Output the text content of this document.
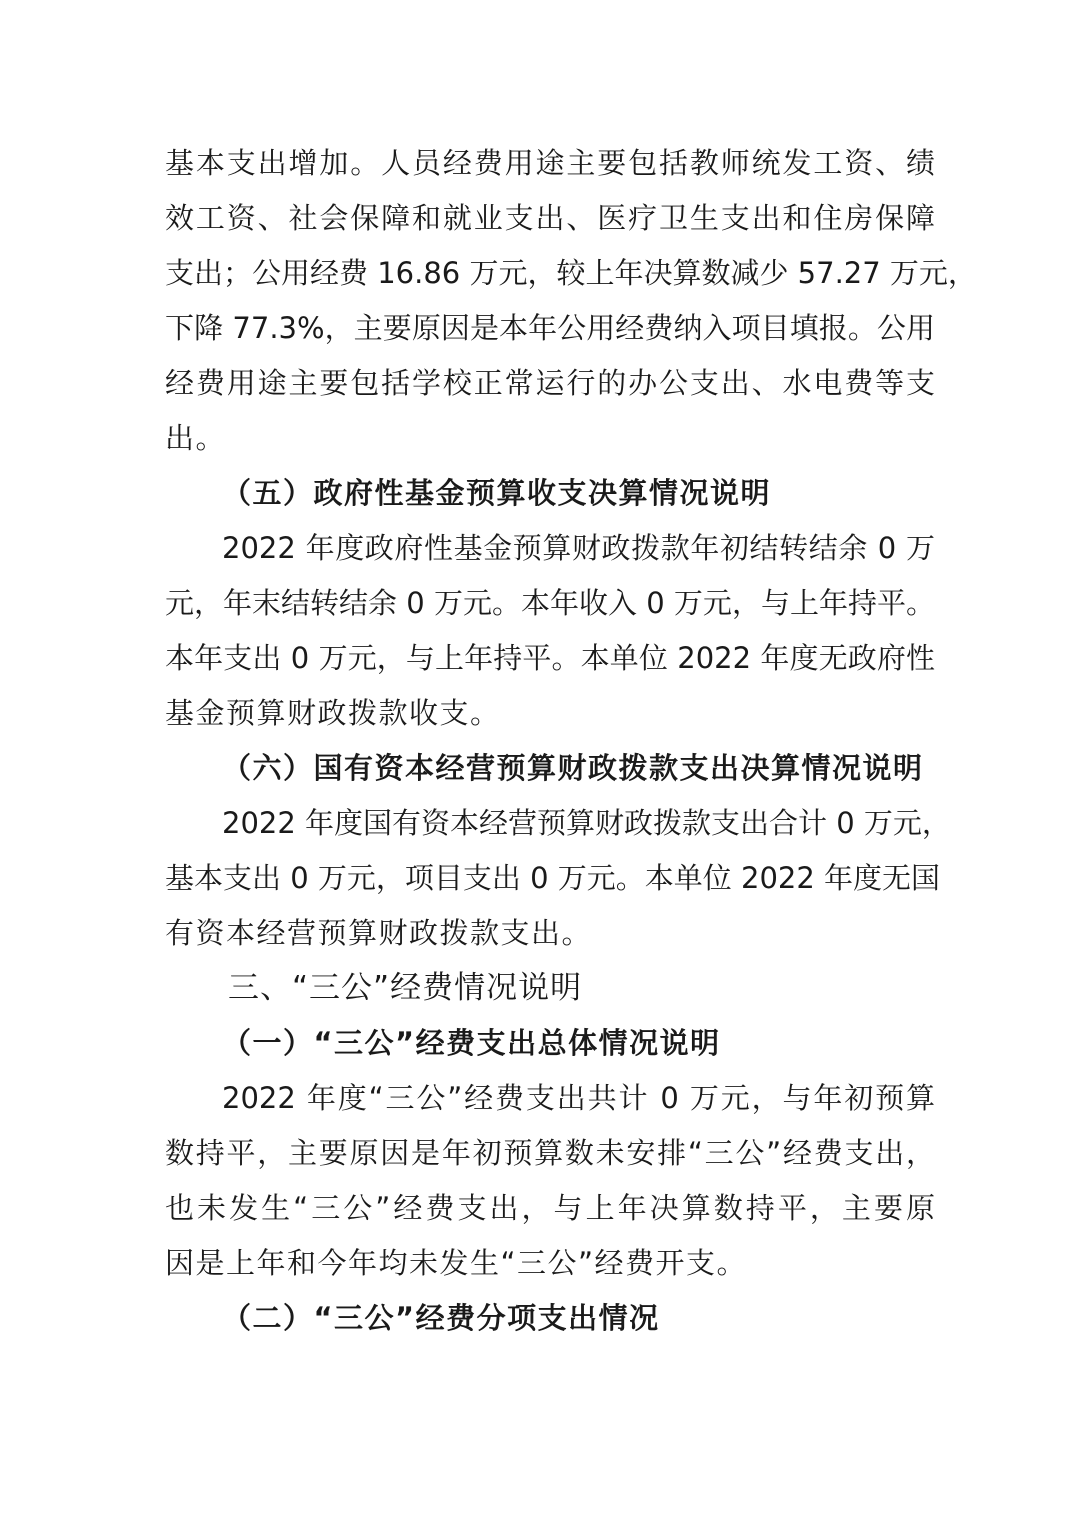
基本支出增加。人员经费用途主要包括教师统发工资、绩
效工资、社会保障和就业支出、医疗卫生支出和住房保障
支出；公用经费 16.86 万元，较上年决算数减少 57.27 万元，
下降 77.3%，主要原因是本年公用经费纳入项目填报。公用
经费用途主要包括学校正常运行的办公支出、水电费等支
出。
（五）政府性基金预算收支决算情况说明
2022 年度政府性基金预算财政拨款年初结转结余 0 万
元，年末结转结余 0 万元。本年收入 0 万元，与上年持平。
本年支出 0 万元，与上年持平。本单位 2022 年度无政府性
基金预算财政拨款收支。
（六）国有资本经营预算财政拨款支出决算情况说明
2022 年度国有资本经营预算财政拨款支出合计 0 万元，
基本支出 0 万元，项目支出 0 万元。本单位 2022 年度无国
有资本经营预算财政拨款支出。
三、“三公”经费情况说明
（一）“三公”经费支出总体情况说明
2022 年度“三公”经费支出共计 0 万元，与年初预算
数持平，主要原因是年初预算数未安排“三公”经费支出，
也未发生“三公”经费支出，与上年决算数持平，主要原
因是上年和今年均未发生“三公”经费开支。
（二）“三公”经费分项支出情况
